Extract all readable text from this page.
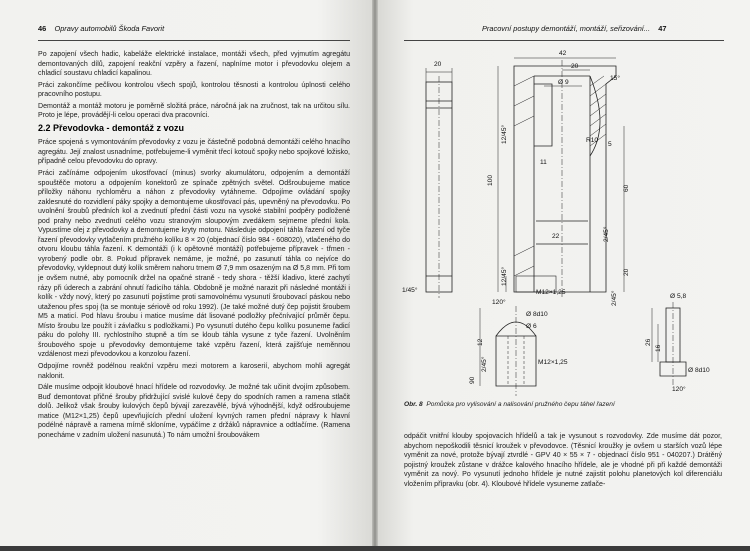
46 Opravy automobilů Škoda Favorit

Po zapojení všech hadic, kabeláže elektrické instalace, montáži všech, před vyjmutím agregátu demontovaných dílů, zapojení reakční vzpěry a řazení, naplníme motor i převodovku olejem a chladicí soustavu chladicí kapalinou.

Práci zakončíme pečlivou kontrolou všech spojů, kontrolou těsnosti a kontrolou úplnosti celého pracovního postupu.

Demontáž a montáž motoru je poměrně složitá práce, náročná jak na zručnost, tak na určitou sílu. Proto je lépe, provádějí-li celou operaci dva pracovníci.

2.2 Převodovka - demontáž z vozu

Práce spojená s vymontováním převodovky z vozu je částečně podobná demontáži celého hnacího agregátu. Její znalost usnadníme, potřebujeme-li vyměnit třecí kotouč spojky nebo spojkové ložisko, případně celou převodovku do opravy.

Práci začínáme odpojením ukostřovací (minus) svorky akumulátoru, odpojením a demontáží spouštěče motoru a odpojením konektorů ze spínače zpětných světel. Odšroubujeme matice příložky náhonu rychloměru a náhon z převodovky vytáhneme. Odpojíme ovládání spojky zaklesnuté do rozvidlení páky spojky a demontujeme ukostřovací pás, upevněný na převodovku. Po uvolnění šroubů předních kol a zvednutí přední části vozu na vysoké stabilní podpěry podložené pod prahy nebo zvednutí celého vozu stranovým sloupovým zvedákem sejmeme přední kola. Vypustíme olej z převodovky a demontujeme kryty motoru. Následuje odpojení táhla řazení od tyče řazení převodovky vytlačením pružného kolíku 8 × 20 (objednací číslo 984 - 608020), vtlačeného do otvoru kloubu táhla řazení. K demontáži (i k opětovné montáži) potřebujeme přípravek - třmen - vyrobený podle obr. 8. Pokud přípravek nemáme, je možné, po zasunutí táhla co nejvíce do převodovky, vyklepnout dutý kolík směrem nahoru trnem Ø 7,9 mm osazeným na Ø 5,8 mm. Při tom je ovšem nutné, aby pomocník držel na opačné straně - tedy shora - těžší kladivo, které zachytí rázy při úderech a zabrání ohnutí řadicího táhla. Obdobně je možné narazit při následné montáži i kolík - vždy nový, který po zasunutí pojistíme proti samovolnému vysunutí šroubovací páskou nebo utaženou přes spoj (ta se montuje sériově od roku 1992). (Je také možné dutý čep pojistit šroubem M5 a maticí. Pod hlavu šroubu i matice musíme dát lisované podložky přečnívající průměr čepu. Místo šroubu lze použít i závlačku s podložkami.) Po vysunutí dutého čepu kolíku posuneme řadicí páku do polohy III. rychlostního stupně a tím se kloub táhla vysune z tyče řazení. Uvolněním šroubového spoje u převodovky demontujeme také vzpěru řazení, která zajišťuje neměnnou vzdálenost mezi převodovkou a konzolou řazení.

Odpojíme rovněž podélnou reakční vzpěru mezi motorem a karoserií, abychom mohli agregát naklonit.

Dále musíme odpojit kloubové hnací hřídele od rozvodovky. Je možné tak učinit dvojím způsobem. Buď demontovat přičné šrouby přidržující svislé kulové čepy do spodních ramen a ramena stlačit dolů. Jelikož však šrouby kulových čepů bývají zarezavělé, bývá výhodnější, když odšroubujeme matice (M12×1,25) čepů upevňujících přední uložení kyvných ramen přední nápravy k hlavní podélné nápravě a ramena mírně skloníme, vypáčíme z držáků nápravnice a odtlačíme. (Ramena ponecháme v zadním uložení nasunutá.) To nám umožní šroubovákem

Pracovní postupy demontáží, montáží, seřizování... 47
20
42
20
Ø 9
15°
R10
5
11
12/45°
100
60
22	2/45°
20
12/45°
1/45°	M12×1,25	2/45°
Ø 8d10
Ø 6
120°
12
2/45°
90
M12×1,25
Ø 5,8
26
16
Ø 8d10
120°
Obr. 8 Pomůcka pro vylisování a nalisování pružného čepu táhel řazení

odpáčit vnitřní klouby spojovacích hřídelů a tak je vysunout s rozvodovky. Zde musíme dát pozor, abychom nepoškodili těsnicí kroužek v převodovce. (Těsnicí kroužky je ovšem u starších vozů lépe vyměnit za nové, protože bývají ztvrdlé - GPV 40 × 55 × 7 - objednací číslo 951 - 040207.) Drátěný pojistný kroužek zůstane v drážce kalového hnacího hřídele, ale je vhodné při při každé demontáži vyměnit za nový. Po vysunutí jednoho hřídele je nutné zajistit polohu planetových kol diferenciálu vložením přípravku (obr. 4). Kloubové hřídele vysuneme zatlače-
